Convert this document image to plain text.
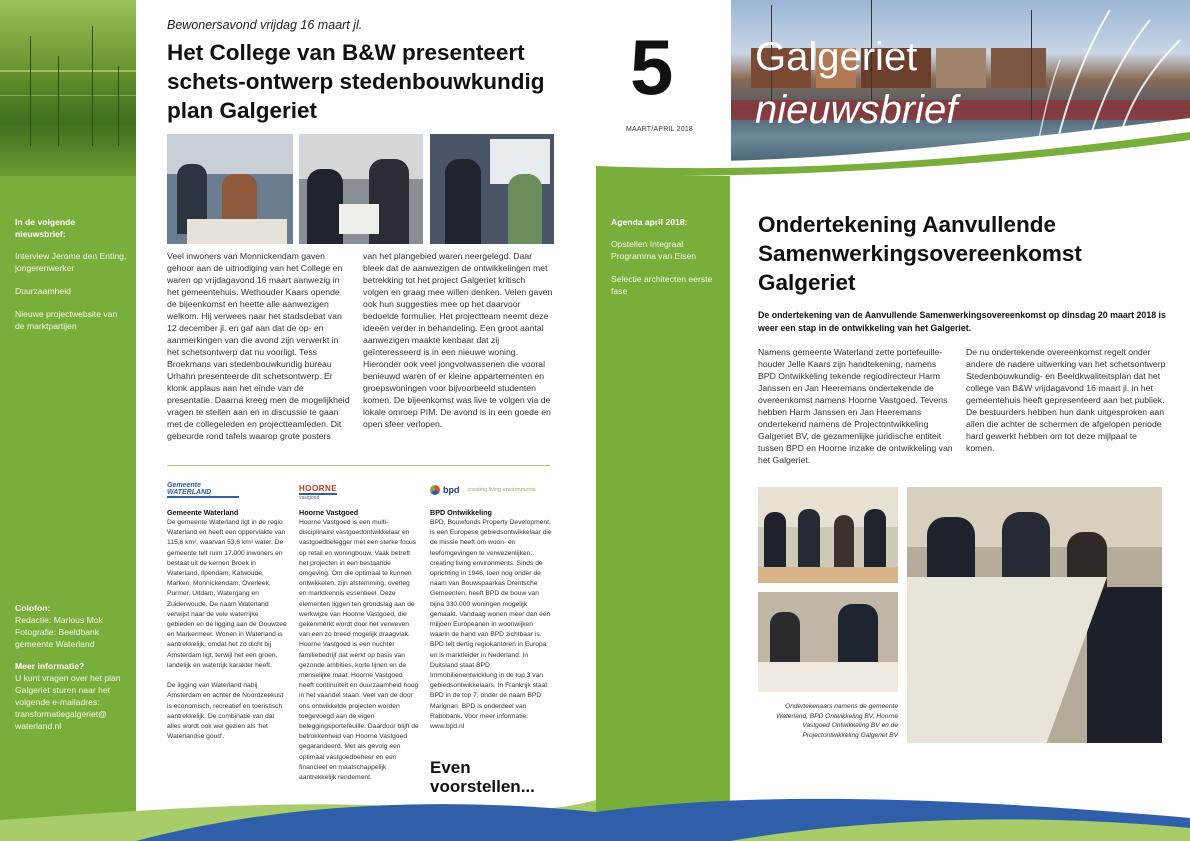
In de volgende nieuwsbrief:
Interview Jerome den Enting, jongerenwerker
Duurzaamheid
Nieuwe projectwebsite van de marktpartijen
Colofon:
Redactie: Marlous Mok
Fotografie: Beeldbank gemeente Waterland
Meer informatie?
U kunt vragen over het plan Galgeriet sturen naar het volgende e-mailadres: transformatiegalgeriet@ waterland.nl
Bewonersavond vrijdag 16 maart jl.
Het College van B&W presenteert schets-ontwerp stedenbouwkundig plan Galgeriet
Veel inwoners van Monnickendam gaven gehoor aan de uitnodiging van het College en waren op vrijdagavond 16 maart aanwezig in het gemeentehuis. Wethouder Kaars opende de bijeenkomst en heette alle aanwezigen welkom. Hij verwees naar het stadsdebat van 12 december jl. en gaf aan dat de op- en aanmerkingen van die avond zijn verwerkt in het schetsontwerp dat nu voorligt. Tess Broekmans van stedenbouwkundig bureau Urhahn presenteerde dit schetsontwerp. Er klonk applaus aan het einde van de presentatie. Daarna kreeg men de mogelijkheid vragen te stellen aan en in discussie te gaan met de collegeleden en projectteamleden. Dit gebeurde rond tafels waarop grote posters
van het plangebied waren neergelegd. Daar bleek dat de aanwezigen de ontwikkelingen met betrekking tot het project Galgeriet kritisch volgen en graag mee willen denken. Velen gaven ook hun suggesties mee op het daarvoor bedoelde formulier. Het projectteam neemt deze ideeën verder in behandeling. Een groot aantal aanwezigen maakte kenbaar dat zij geïnteresseerd is in een nieuwe woning. Hieronder ook veel jongvolwassenen die vooral benieuwd waren of er kleine appartementen en groepswoningen voor bijvoorbeeld studenten komen. De bijeenkomst was live te volgen via de lokale omroep PIM. De avond is in een goede en open sfeer verlopen.
Gemeente WATERLAND	HOORNE
vastgoed
bpd creating living environments
Gemeente Waterland
De gemeente Waterland ligt in de regio Waterland en heeft een oppervlakte van 115,6 km², waarvan 53,6 km² water. De gemeente telt ruim 17.000 inwoners en bestaat uit de kernen Broek in Waterland, Ilpendam, Katwoude, Marken, Monnickendam, Overleek, Purmer, Uitdam, Watergang en Zuiderwoude. De naam Waterland verwijst naar de vele waterrijke gebieden en de ligging aan de Gouwzee en Markermeer. Wonen in Waterland is aantrekkelijk, omdat het zo dicht bij Amsterdam ligt, terwijl het een groen, landelijk en waterrijk karakter heeft.

De ligging van Waterland nabij Amsterdam en achter de Noordzeekust is economisch, recreatief en toeristisch aantrekkelijk. De combinatie van dat alles wordt ook wel gezien als 'het Waterlandse goud'.
Hoorne Vastgoed
Hoorne Vastgoed is een multi-disciplinaire vastgoedontwikkelaar en vastgoedbelegger met een sterke focus op retail en woningbouw. Vaak betreft het projecten in een bestaande omgeving. Om die optimaal te kunnen ontwikkelen, zijn afstemming, overleg en marktkennis essentieel. Deze elementen liggen ten grondslag aan de werkwijze van Hoorne Vastgoed, die gekenmerkt wordt door het verweven van een zo breed mogelijk draagvlak. Hoorne Vastgoed is een nuchter familiebedrijf dat werkt op basis van gezonde ambities, korte lijnen en de menselijke maat. Hoorne Vastgoed heeft continuïteit en duurzaamheid hoog in het vaandel staan. Veel van de door ons ontwikkelde projecten worden toegevoegd aan de eigen beleggingsportefeuille. Daardoor blijft de betrokkenheid van Hoorne Vastgoed gegarandeerd. Met als gevolg een optimaal vastgoedbeheer en een financieel en maatschappelijk aantrekkelijk rendement.
BPD Ontwikkeling
BPD, Bouwfonds Property Development, is een Europese gebiedsontwikkelaar die de missie heeft om woon- en leefomgevingen te verwezenlijken: creating living environments. Sinds de oprichting in 1946, toen nog onder de naam van Bouwspaarkas Drentsche Gemeenten, heeft BPD de bouw van bijna 330.000 woningen mogelijk gemaakt. Vandaag wonen meer dan één miljoen Europeanen in woonwijken waarin de hand van BPD zichtbaar is. BPD telt dertig regiokantoren in Europa en is marktleider in Nederland. In Duitsland staat BPD Immobilienentwicklung in de top 3 van gebiedsontwikkelaars. In Frankrijk staat BPD in de top 7, onder de naam BPD Marignan. BPD is onderdeel van Rabobank. Voor meer informatie: www.bpd.nl
Even voorstellen...
Agenda april 2018:
Opstellen Integraal Programma van Eisen
Selectie architecten eerste fase
5
MAART/APRIL 2018
Galgeriet
nieuwsbrief
Ondertekening Aanvullende Samenwerkingsovereenkomst Galgeriet
De ondertekening van de Aanvullende Samenwerkingsovereenkomst op dinsdag 20 maart 2018 is weer een stap in de ontwikkeling van het Galgeriet.
Namens gemeente Waterland zette portefeuille-houder Jelle Kaars zijn handtekening, namens BPD Ontwikkeling tekende regiodirecteur Harm Janssen en Jan Heeremans ondertekende de overeenkomst namens Hoorne Vastgoed. Tevens hebben Harm Janssen en Jan Heeremans ondertekend namens de Projectontwikkeling Galgeriet BV, de gezamenlijke juridische entiteit tussen BPD en Hoorne inzake de ontwikkeling van het Galgeriet.
De nu ondertekende overeenkomst regelt onder andere de nadere uitwerking van het schetsontwerp Stedenbouwkundig- en Beeldkwaliteitsplan dat het college van B&W vrijdagavond 16 maart jl. in het gemeentehuis heeft gepresenteerd aan het publiek. De bestuurders hebben hun dank uitgesproken aan allen die achter de schermen de afgelopen periode hard gewerkt hebben om tot deze mijlpaal te komen.
Ondertekenaars namens de gemeente Waterland, BPD Ontwikkeling BV, Hoorne Vastgoed Ontwikkeling BV en de Projectontwikkeling Galgeriet BV
